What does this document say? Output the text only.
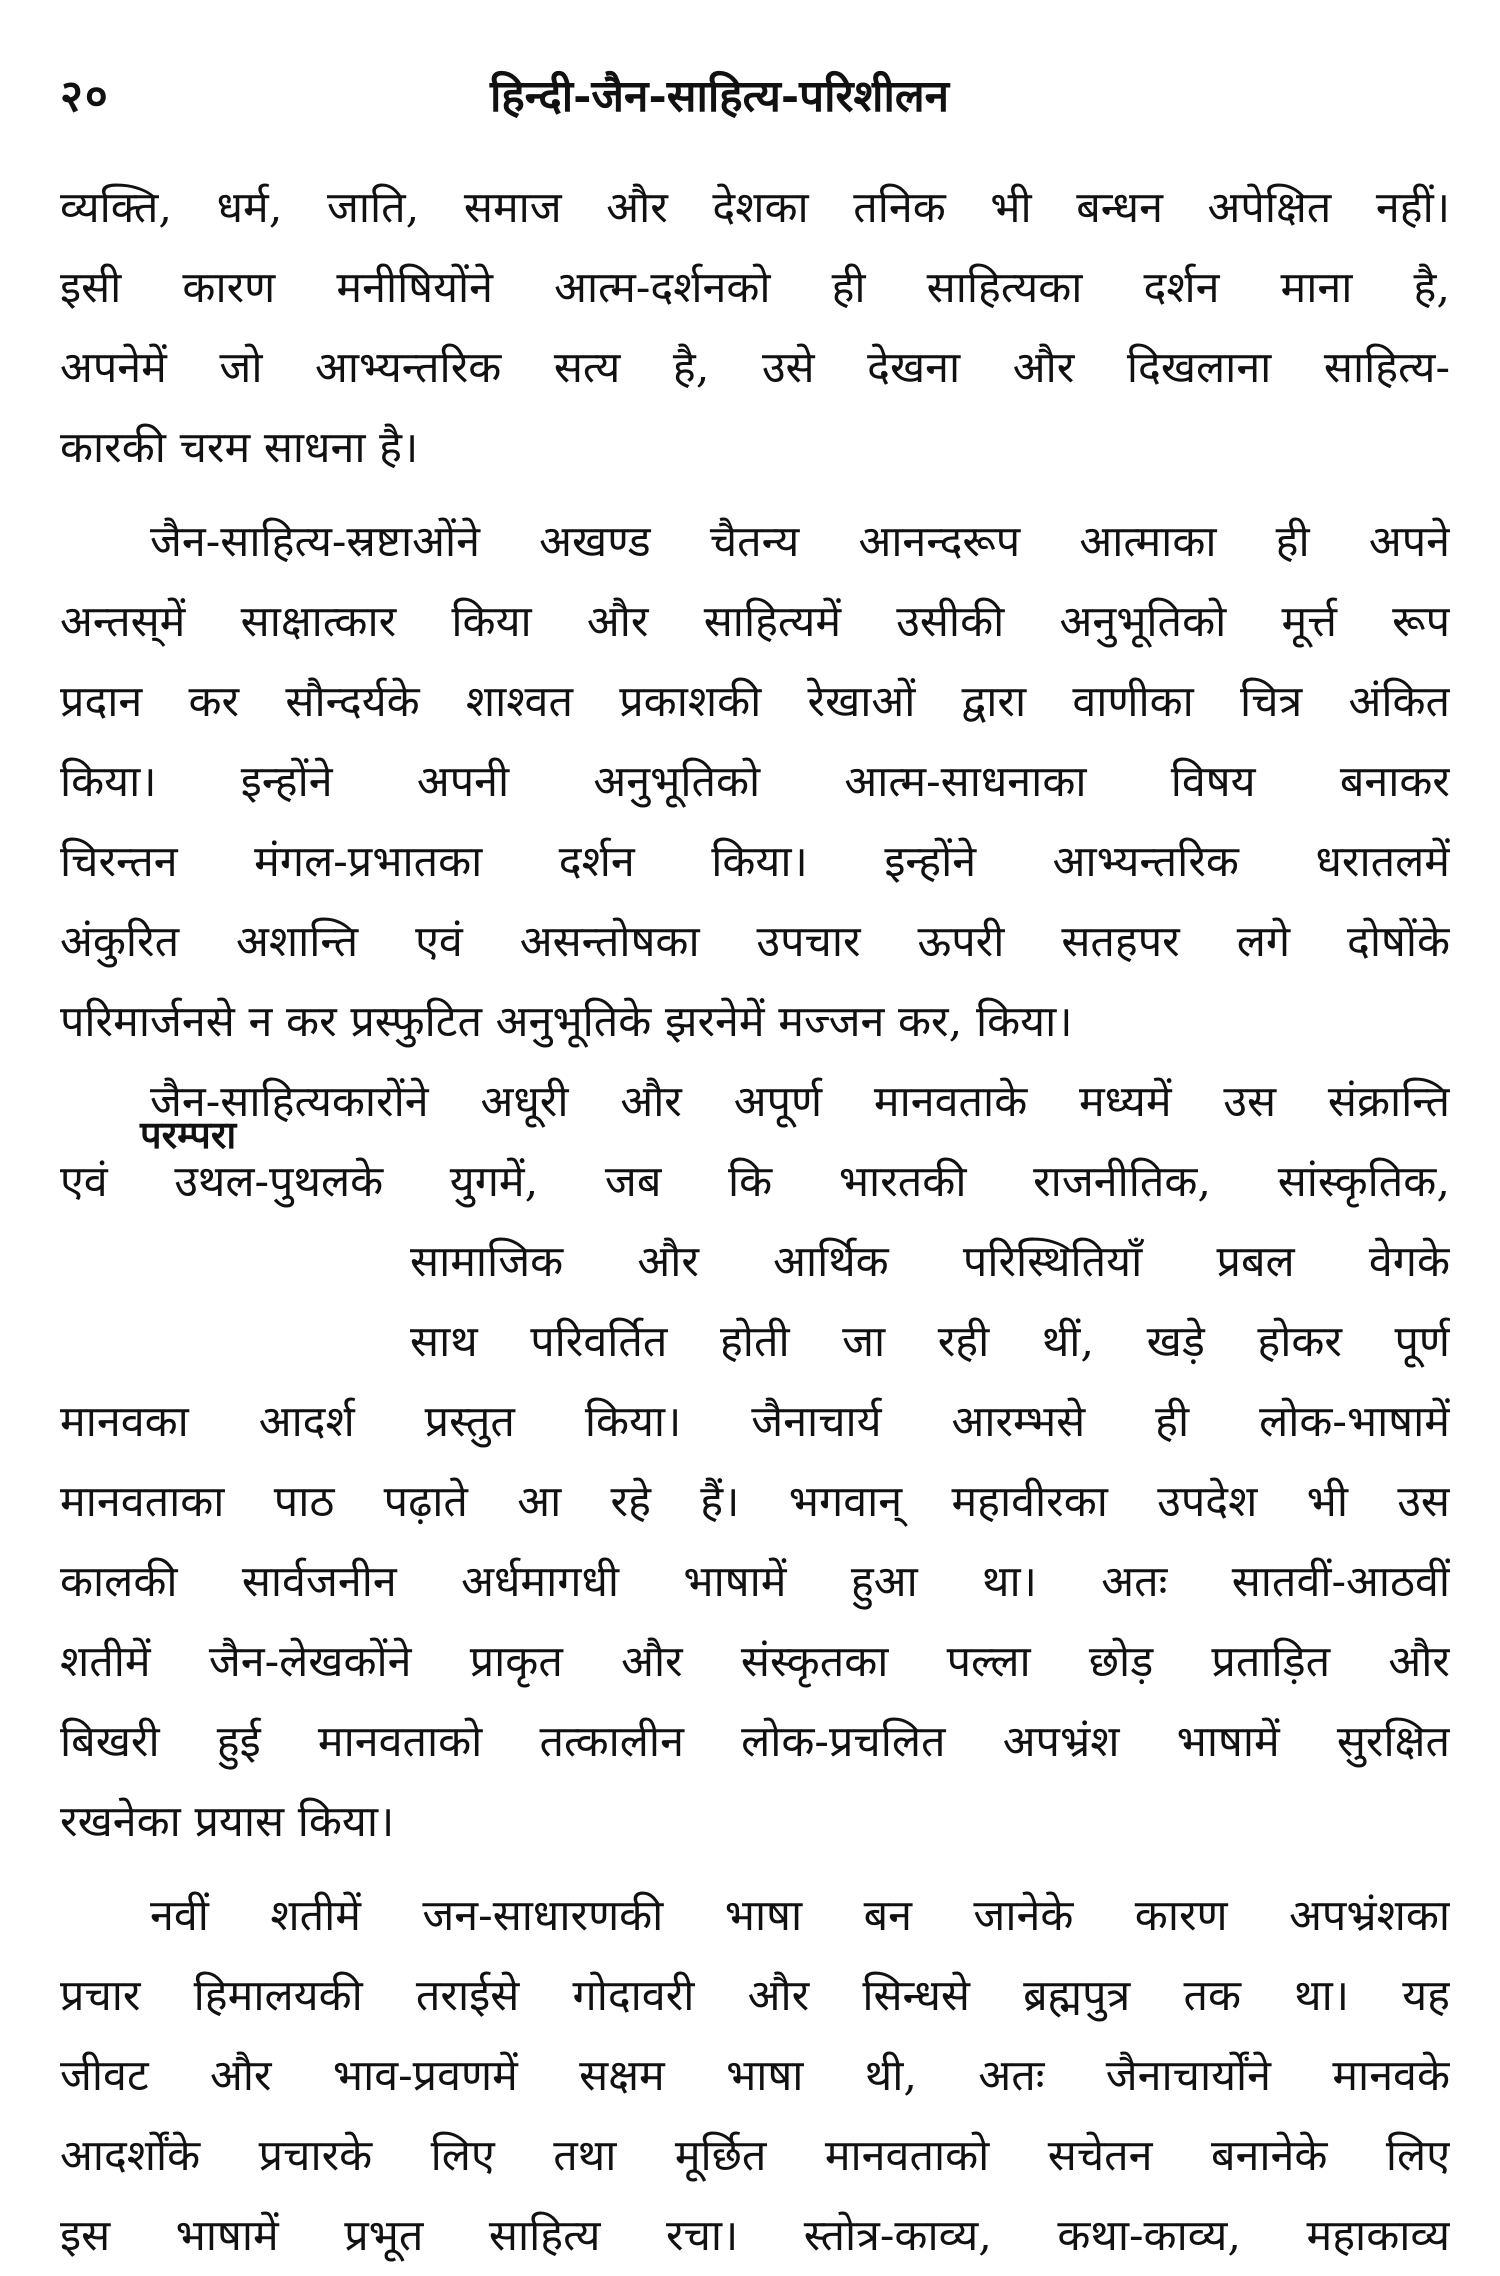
२०	हिन्दी-जैन-साहित्य-परिशीलन
परम्परा
व्यक्ति, धर्म, जाति, समाज और देशका तनिक भी बन्धन अपेक्षित नहीं।
इसी कारण मनीषियोंने आत्म-दर्शनको ही साहित्यका दर्शन माना है,
अपनेमें जो आभ्यन्तरिक सत्य है, उसे देखना और दिखलाना साहित्य-
कारकी चरम साधना है।
जैन-साहित्य-स्रष्टाओंने अखण्ड चैतन्य आनन्दरूप आत्माका ही अपने
अन्तस्‌में साक्षात्कार किया और साहित्यमें उसीकी अनुभूतिको मूर्त्त रूप
प्रदान कर सौन्दर्यके शाश्वत प्रकाशकी रेखाओं द्वारा वाणीका चित्र अंकित
किया। इन्होंने अपनी अनुभूतिको आत्म-साधनाका विषय बनाकर
चिरन्तन मंगल-प्रभातका दर्शन किया। इन्होंने आभ्यन्तरिक धरातलमें
अंकुरित अशान्ति एवं असन्तोषका उपचार ऊपरी सतहपर लगे दोषोंके
परिमार्जनसे न कर प्रस्फुटित अनुभूतिके झरनेमें मज्जन कर, किया।
जैन-साहित्यकारोंने अधूरी और अपूर्ण मानवताके मध्यमें उस संक्रान्ति
एवं उथल-पुथलके युगमें, जब कि भारतकी राजनीतिक, सांस्कृतिक,
सामाजिक और आर्थिक परिस्थितियाँ प्रबल वेगके
साथ परिवर्तित होती जा रही थीं, खड़े होकर पूर्ण
मानवका आदर्श प्रस्तुत किया। जैनाचार्य आरम्भसे ही लोक-भाषामें
मानवताका पाठ पढ़ाते आ रहे हैं। भगवान् महावीरका उपदेश भी उस
कालकी सार्वजनीन अर्धमागधी भाषामें हुआ था। अतः सातवीं-आठवीं
शतीमें जैन-लेखकोंने प्राकृत और संस्कृतका पल्ला छोड़ प्रताड़ित और
बिखरी हुई मानवताको तत्कालीन लोक-प्रचलित अपभ्रंश भाषामें सुरक्षित
रखनेका प्रयास किया।
नवीं शतीमें जन-साधारणकी भाषा बन जानेके कारण अपभ्रंशका
प्रचार हिमालयकी तराईसे गोदावरी और सिन्धसे ब्रह्मपुत्र तक था। यह
जीवट और भाव-प्रवणमें सक्षम भाषा थी, अतः जैनाचार्योंने मानवके
आदर्शोंके प्रचारके लिए तथा मूर्छित मानवताको सचेतन बनानेके लिए
इस भाषामें प्रभूत साहित्य रचा। स्तोत्र-काव्य, कथा-काव्य, महाकाव्य
